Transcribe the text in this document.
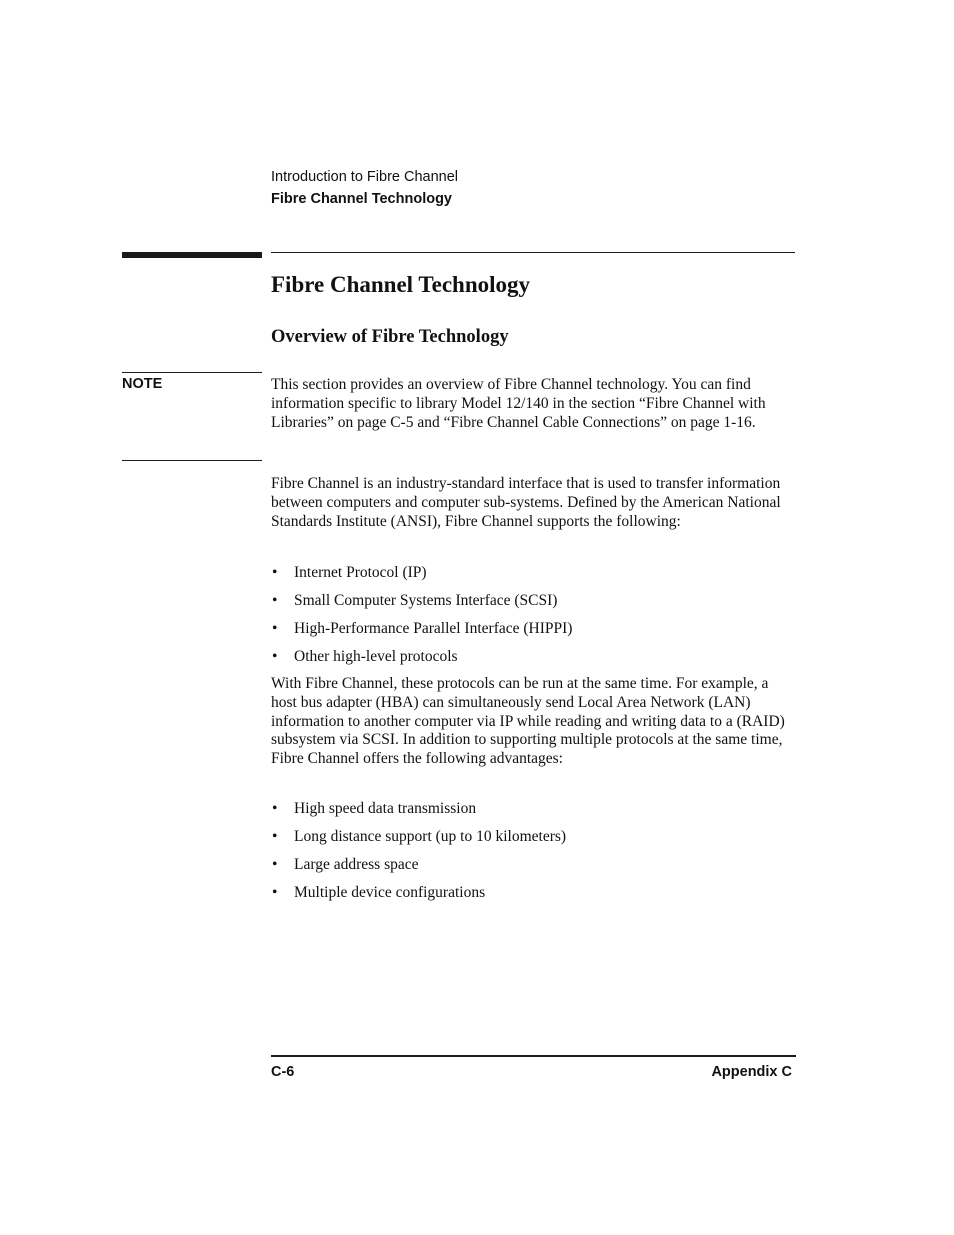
Introduction to Fibre Channel
Fibre Channel Technology
Fibre Channel Technology
Overview of Fibre Technology
NOTE	This section provides an overview of Fibre Channel technology. You can find information specific to library Model 12/140 in the section “Fibre Channel with Libraries” on page C-5 and “Fibre Channel Cable Connections” on page 1-16.

Fibre Channel is an industry-standard interface that is used to transfer information between computers and computer sub-systems. Defined by the American National Standards Institute (ANSI), Fibre Channel supports the following:

• Internet Protocol (IP)
• Small Computer Systems Interface (SCSI)
• High-Performance Parallel Interface (HIPPI)
• Other high-level protocols

With Fibre Channel, these protocols can be run at the same time. For example, a host bus adapter (HBA) can simultaneously send Local Area Network (LAN) information to another computer via IP while reading and writing data to a (RAID) subsystem via SCSI. In addition to supporting multiple protocols at the same time, Fibre Channel offers the following advantages:

• High speed data transmission
• Long distance support (up to 10 kilometers)
• Large address space
• Multiple device configurations
C-6	Appendix C
